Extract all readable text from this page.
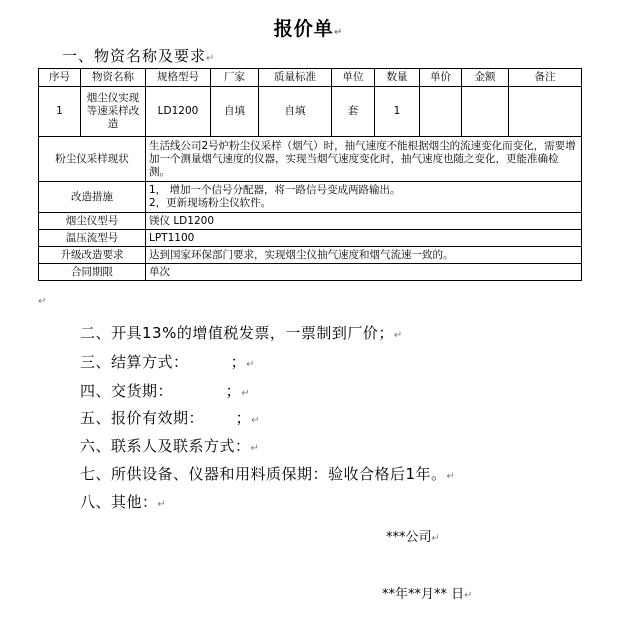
报价单↵
一、物资名称及要求↵
序号	物资名称	规格型号	厂家	质量标准	单位	数量	单价	金额	备注
1	烟尘仪实现等速采样改造	LD1200	自填	自填	套	1			
粉尘仪采样现状		生活线公司2号炉粉尘仪采样（烟气）时，抽气速度不能根据烟尘的流速变化而变化，需要增加一个测量烟气速度的仪器，实现当烟气速度变化时，抽气速度也随之变化，更能准确检测。							
改造措施		1， 增加一个信号分配器，将一路信号变成两路输出。
2，更新现场粉尘仪软件。							

烟尘仪型号		镁仪 LD1200							
温压流型号		LPT1100							
升级改造要求		达到国家环保部门要求，实现烟尘仪抽气速度和烟气流速一致的。							
合同期限		单次							
↵
二、开具13%的增值税发票，一票制到厂价；↵
三、结算方式：        ；↵
四、交货期：          ；↵
五、报价有效期：      ；↵
六、联系人及联系方式：↵
七、所供设备、仪器和用料质保期：验收合格后1年。↵
八、其他：↵
***公司↵
**年**月** 日↵
